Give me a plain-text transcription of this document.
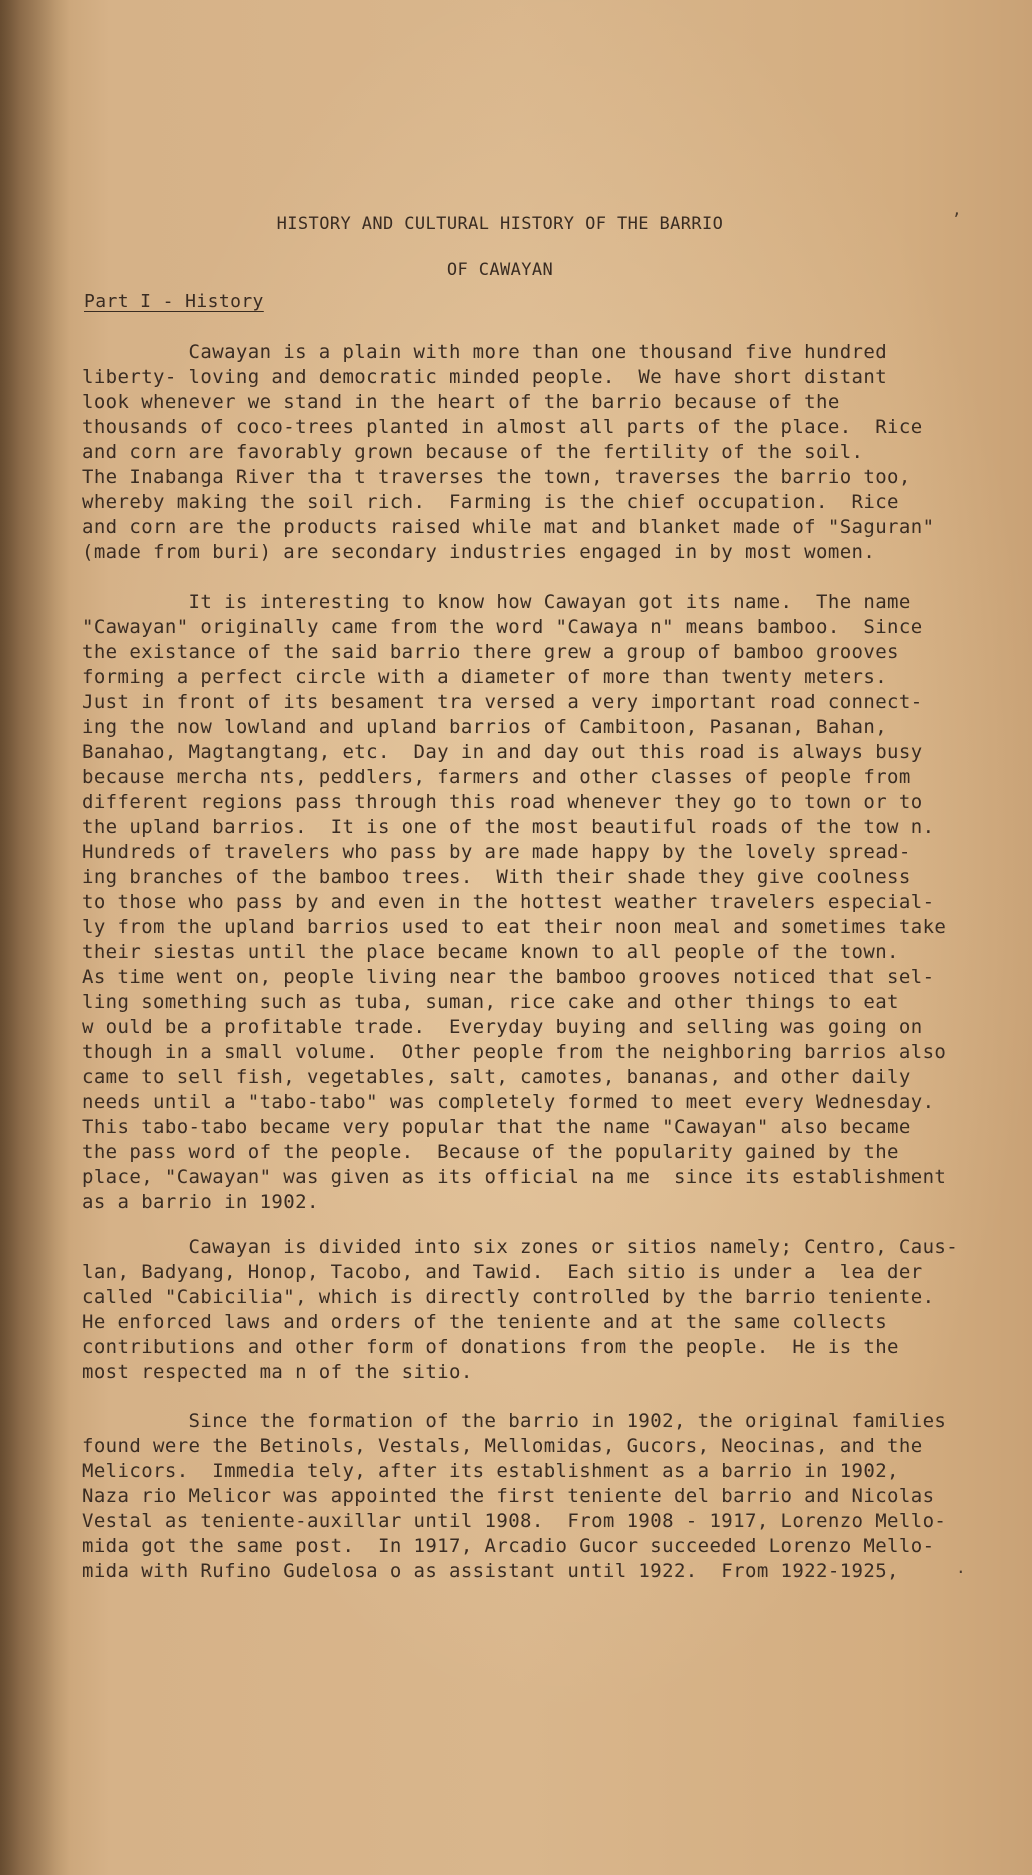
HISTORY AND CULTURAL HISTORY OF THE BARRIO

OF CAWAYAN

Part I - History
Cawayan is a plain with more than one thousand five hundred
liberty- loving and democratic minded people.  We have short distant
look whenever we stand in the heart of the barrio because of the
thousands of coco-trees planted in almost all parts of the place.  Rice
and corn are favorably grown because of the fertility of the soil.
The Inabanga River tha t traverses the town, traverses the barrio too,
whereby making the soil rich.  Farming is the chief occupation.  Rice
and corn are the products raised while mat and blanket made of "Saguran"
(made from buri) are secondary industries engaged in by most women.
It is interesting to know how Cawayan got its name.  The name
"Cawayan" originally came from the word "Cawaya n" means bamboo.  Since
the existance of the said barrio there grew a group of bamboo grooves
forming a perfect circle with a diameter of more than twenty meters.
Just in front of its besament tra versed a very important road connect-
ing the now lowland and upland barrios of Cambitoon, Pasanan, Bahan,
Banahao, Magtangtang, etc.  Day in and day out this road is always busy
because mercha nts, peddlers, farmers and other classes of people from
different regions pass through this road whenever they go to town or to
the upland barrios.  It is one of the most beautiful roads of the tow n.
Hundreds of travelers who pass by are made happy by the lovely spread-
ing branches of the bamboo trees.  With their shade they give coolness
to those who pass by and even in the hottest weather travelers especial-
ly from the upland barrios used to eat their noon meal and sometimes take
their siestas until the place became known to all people of the town.
As time went on, people living near the bamboo grooves noticed that sel-
ling something such as tuba, suman, rice cake and other things to eat
w ould be a profitable trade.  Everyday buying and selling was going on
though in a small volume.  Other people from the neighboring barrios also
came to sell fish, vegetables, salt, camotes, bananas, and other daily
needs until a "tabo-tabo" was completely formed to meet every Wednesday.
This tabo-tabo became very popular that the name "Cawayan" also became
the pass word of the people.  Because of the popularity gained by the
place, "Cawayan" was given as its official na me  since its establishment
as a barrio in 1902.
Cawayan is divided into six zones or sitios namely; Centro, Caus-
lan, Badyang, Honop, Tacobo, and Tawid.  Each sitio is under a  lea der
called "Cabicilia", which is directly controlled by the barrio teniente.
He enforced laws and orders of the teniente and at the same collects
contributions and other form of donations from the people.  He is the
most respected ma n of the sitio.
Since the formation of the barrio in 1902, the original families
found were the Betinols, Vestals, Mellomidas, Gucors, Neocinas, and the
Melicors.  Immedia tely, after its establishment as a barrio in 1902,
Naza rio Melicor was appointed the first teniente del barrio and Nicolas
Vestal as teniente-auxillar until 1908.  From 1908 - 1917, Lorenzo Mello-
mida got the same post.  In 1917, Arcadio Gucor succeeded Lorenzo Mello-
mida with Rufino Gudelosa o as assistant until 1922.  From 1922-1925,
,
.
